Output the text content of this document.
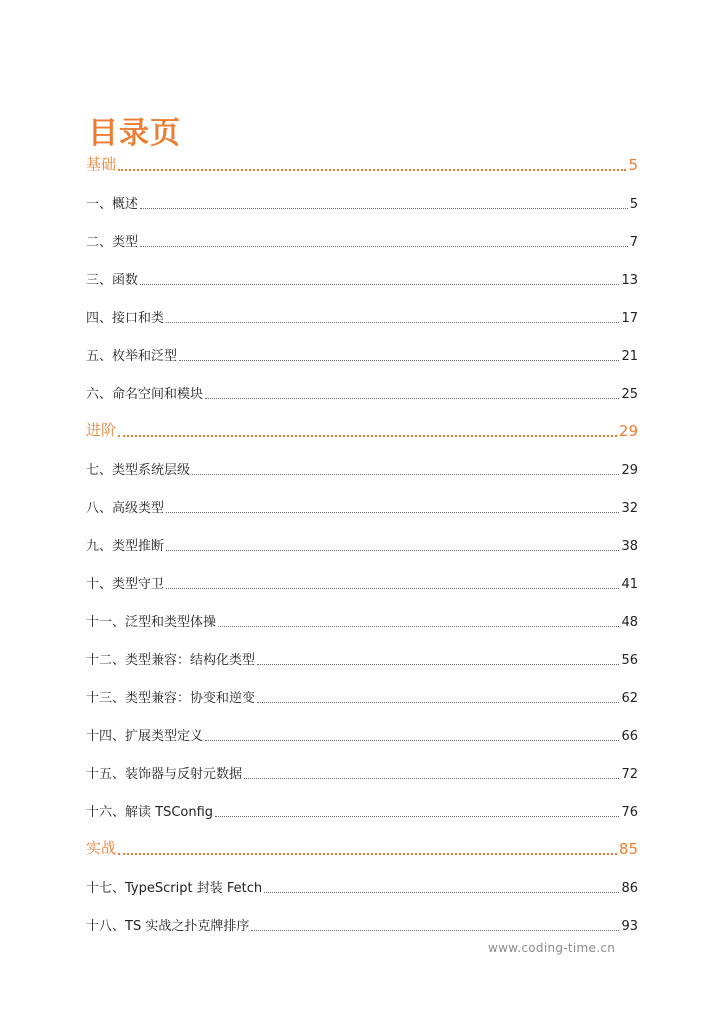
目录页
基础	5
一、概述	5
二、类型	7
三、函数	13
四、接口和类	17
五、枚举和泛型	21
六、命名空间和模块	25
进阶	29
七、类型系统层级	29
八、高级类型	32
九、类型推断	38
十、类型守卫	41
十一、泛型和类型体操	48
十二、类型兼容：结构化类型	56
十三、类型兼容：协变和逆变	62
十四、扩展类型定义	66
十五、装饰器与反射元数据	72
十六、解读 TSConfig	76
实战	85
十七、TypeScript 封装 Fetch	86
十八、TS 实战之扑克牌排序	93
www.coding-time.cn
